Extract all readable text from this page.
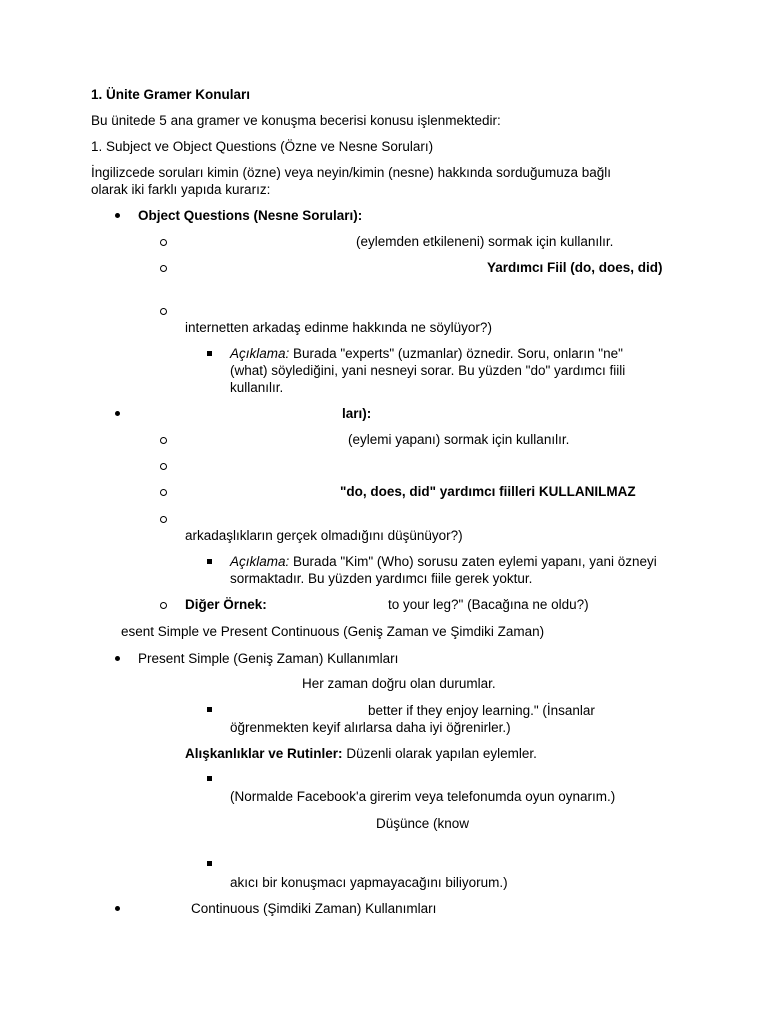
1. Ünite Gramer Konuları

Bu ünitede 5 ana gramer ve konuşma becerisi konusu işlenmektedir:

1. Subject ve Object Questions (Özne ve Nesne Soruları)

İngilizcede soruları kimin (özne) veya neyin/kimin (nesne) hakkında sorduğumuza bağlı

olarak iki farklı yapıda kurarız:

Object Questions (Nesne Soruları):

(eylemden etkileneni) sormak için kullanılır.

Yardımcı Fiil (do, does, did)

internetten arkadaş edinme hakkında ne söylüyor?)

Açıklama: Burada "experts" (uzmanlar) öznedir. Soru, onların "ne" (what) söylediğini, yani nesneyi sorar. Bu yüzden "do" yardımcı fiili kullanılır.

ları):

(eylemi yapanı) sormak için kullanılır.

"do, does, did" yardımcı fiilleri KULLANILMAZ

arkadaşlıkların gerçek olmadığını düşünüyor?)

Açıklama: Burada "Kim" (Who) sorusu zaten eylemi yapanı, yani özneyi sormaktadır. Bu yüzden yardımcı fiile gerek yoktur.

Diğer Örnek:	to your leg?" (Bacağına ne oldu?)

esent Simple ve Present Continuous (Geniş Zaman ve Şimdiki Zaman)

Present Simple (Geniş Zaman) Kullanımları

Her zaman doğru olan durumlar.

better if they enjoy learning." (İnsanlar

öğrenmekten keyif alırlarsa daha iyi öğrenirler.)

Alışkanlıklar ve Rutinler: Düzenli olarak yapılan eylemler.

(Normalde Facebook'a girerim veya telefonumda oyun oynarım.)

Düşünce (know

akıcı bir konuşmacı yapmayacağını biliyorum.)

Continuous (Şimdiki Zaman) Kullanımları
